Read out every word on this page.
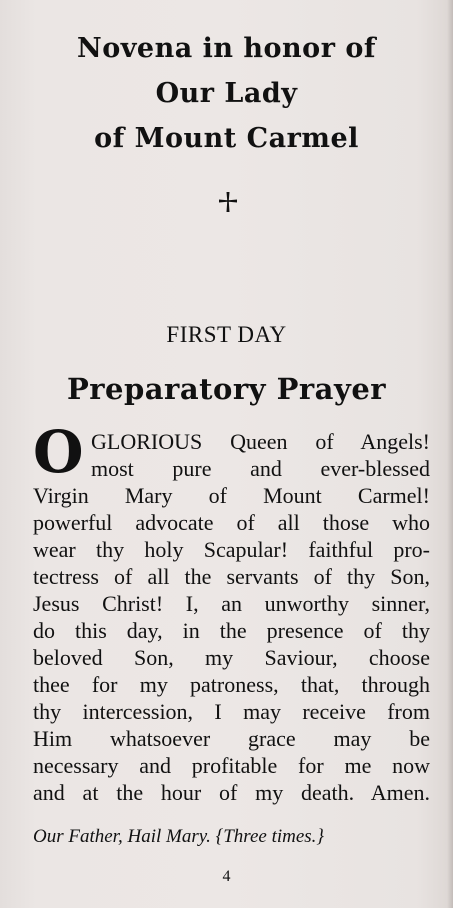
Novena in honor of
Our Lady
of Mount Carmel
FIRST DAY
Preparatory Prayer
O GLORIOUS Queen of Angels!
most pure and ever-blessed
Virgin Mary of Mount Carmel!
powerful advocate of all those who
wear thy holy Scapular! faithful pro-
tectress of all the servants of thy Son,
Jesus Christ! I, an unworthy sinner,
do this day, in the presence of thy
beloved Son, my Saviour, choose
thee for my patroness, that, through
thy intercession, I may receive from
Him whatsoever grace may be
necessary and profitable for me now
and at the hour of my death. Amen.
Our Father, Hail Mary. {Three times.}
4
